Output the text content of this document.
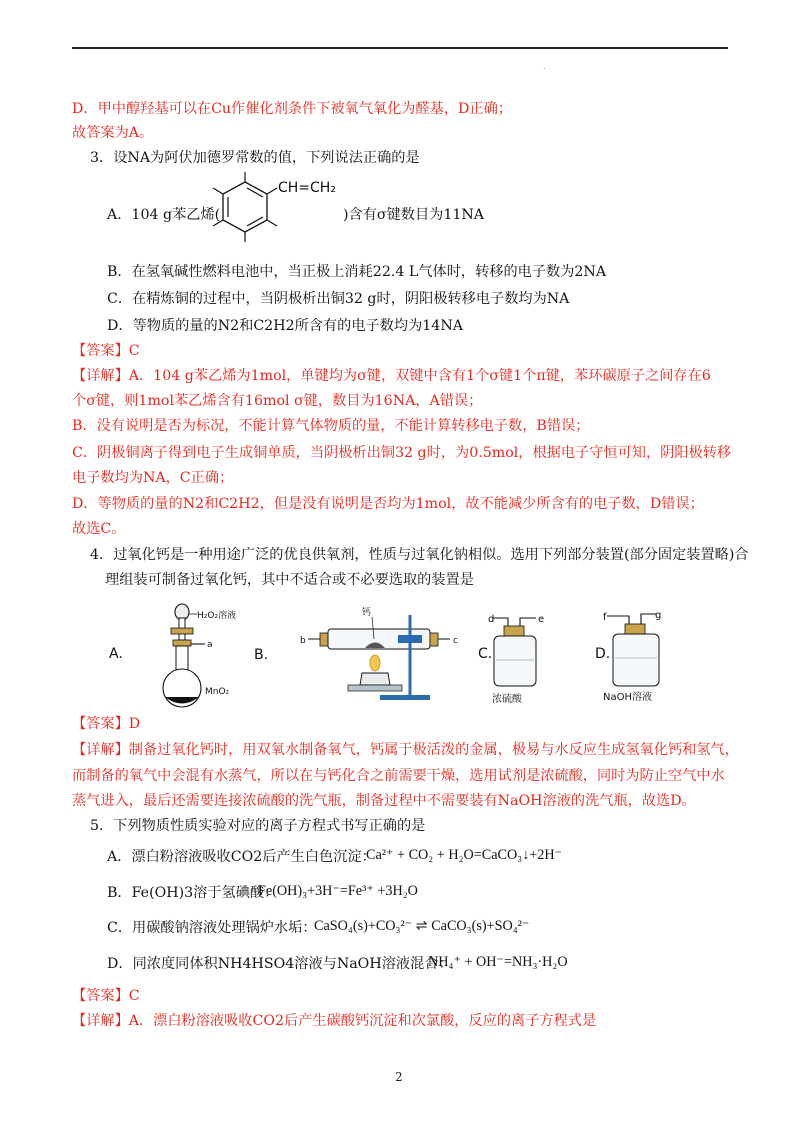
.
D．甲中醇羟基可以在Cu作催化剂条件下被氧气氧化为醛基，D正确；
故答案为A。
3．设NA为阿伏加德罗常数的值，下列说法正确的是
CH=CH₂
A．104 g苯乙烯(	)含有σ键数目为11NA
B．在氢氧碱性燃料电池中，当正极上消耗22.4 L气体时，转移的电子数为2NA
C．在精炼铜的过程中，当阴极析出铜32 g时，阴阳极转移电子数均为NA
D．等物质的量的N2和C2H2所含有的电子数均为14NA
【答案】C
【详解】A．104 g苯乙烯为1mol，单键均为σ键，双键中含有1个σ键1个π键，苯环碳原子之间存在6
个σ键，则1mol苯乙烯含有16mol σ键，数目为16NA，A错误；
B．没有说明是否为标况，不能计算气体物质的量，不能计算转移电子数，B错误；
C．阴极铜离子得到电子生成铜单质，当阴极析出铜32 g时，为0.5mol，根据电子守恒可知，阴阳极转移
电子数均为NA，C正确；
D．等物质的量的N2和C2H2，但是没有说明是否均为1mol，故不能减少所含有的电子数，D错误；
故选C。
4．过氧化钙是一种用途广泛的优良供氧剂，性质与过氧化钠相似。选用下列部分装置(部分固定装置略)合
理组装可制备过氧化钙，其中不适合或不必要选取的装置是
A.
H₂O₂溶液
a
MnO₂
B.
b	c
钙
C.
d	e
浓硫酸
D.
f	g
NaOH溶液
【答案】D
【详解】制备过氧化钙时，用双氧水制备氧气，钙属于极活泼的金属，极易与水反应生成氢氧化钙和氢气，
而制备的氧气中会混有水蒸气，所以在与钙化合之前需要干燥，选用试剂是浓硫酸，同时为防止空气中水
蒸气进入，最后还需要连接浓硫酸的洗气瓶，制备过程中不需要装有NaOH溶液的洗气瓶，故选D。
5．下列物质性质实验对应的离子方程式书写正确的是
A．漂白粉溶液吸收CO2后产生白色沉淀：
Ca²⁺ + CO₂ + H₂O=CaCO₃↓+2H⁻
B．Fe(OH)3溶于氢碘酸：
Fe(OH)₃+3H⁻=Fe³⁺ +3H₂O
C．用碳酸钠溶液处理锅炉水垢：
CaSO₄(s)+CO₃²⁻ ⇌ CaCO₃(s)+SO₄²⁻
D．同浓度同体积NH4HSO4溶液与NaOH溶液混合：
NH₄⁺ + OH⁻=NH₃·H₂O
【答案】C
【详解】A．漂白粉溶液吸收CO2后产生碳酸钙沉淀和次氯酸，反应的离子方程式是
2
